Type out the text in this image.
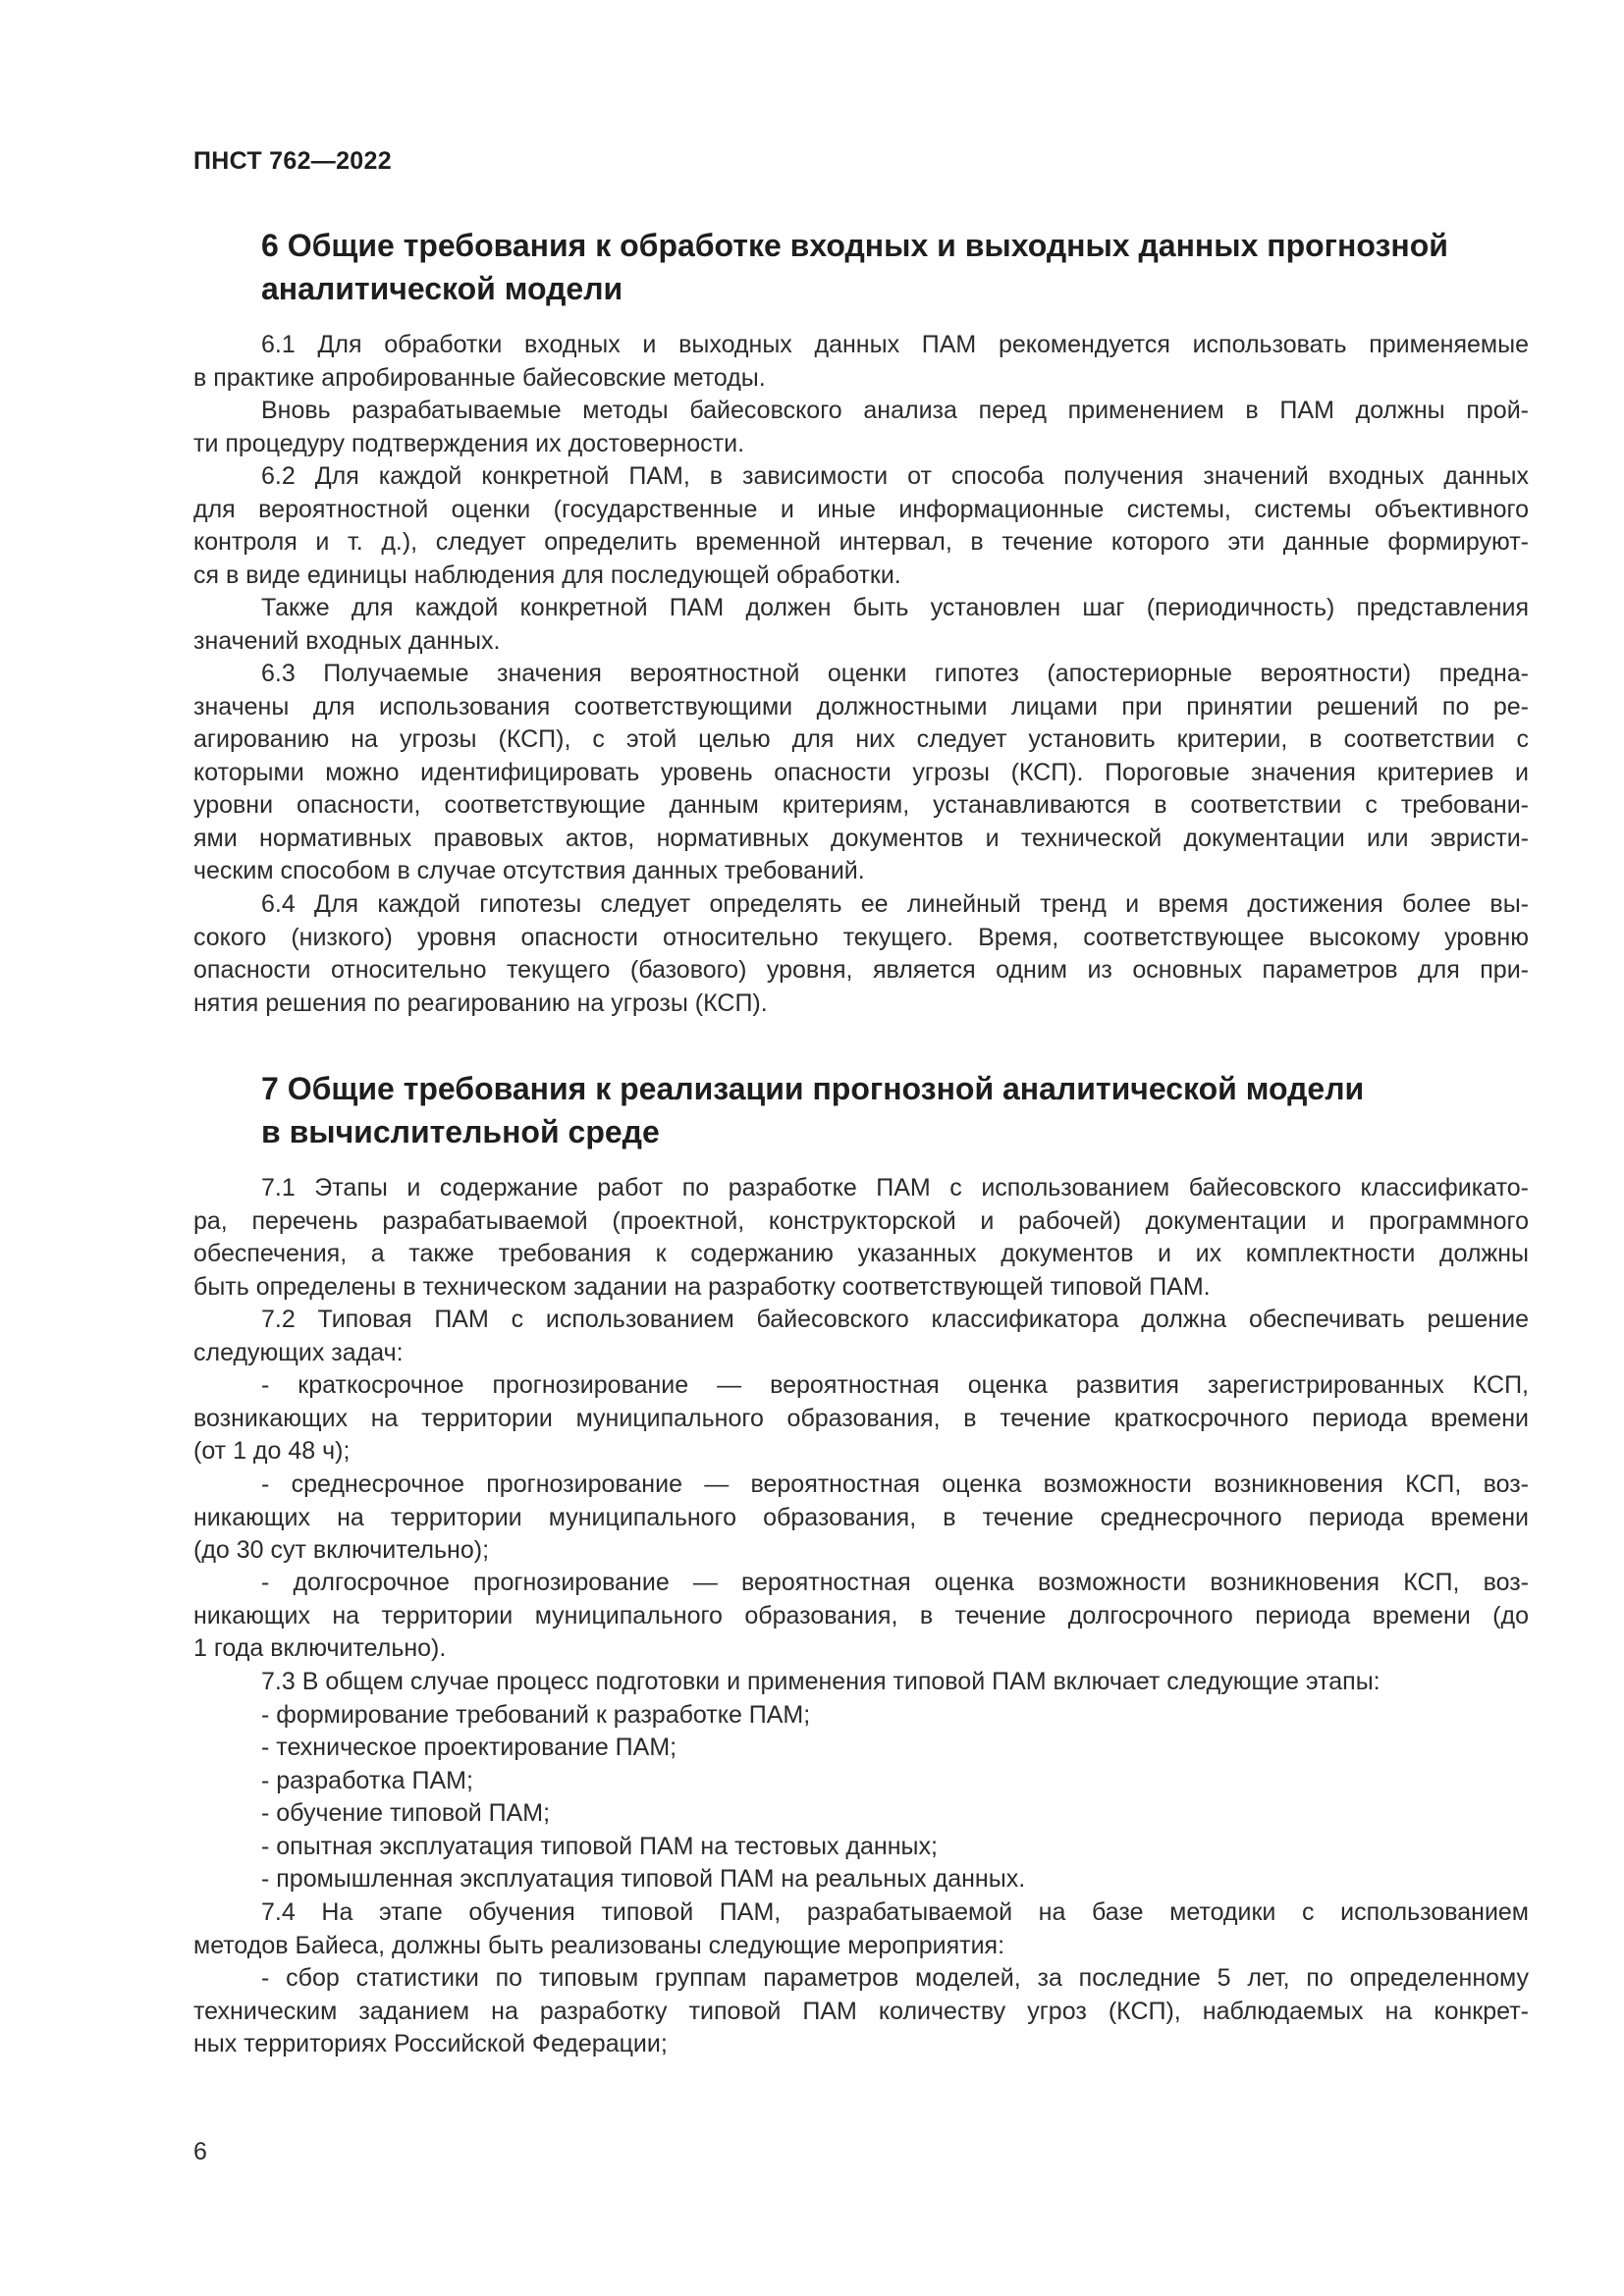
ПНСТ 762—2022
6 Общие требования к обработке входных и выходных данных прогнозной
аналитической модели
6.1 Для обработки входных и выходных данных ПАМ рекомендуется использовать применяемые
в практике апробированные байесовские методы.
Вновь разрабатываемые методы байесовского анализа перед применением в ПАМ должны прой-
ти процедуру подтверждения их достоверности.
6.2 Для каждой конкретной ПАМ, в зависимости от способа получения значений входных данных
для вероятностной оценки (государственные и иные информационные системы, системы объективного
контроля и т. д.), следует определить временной интервал, в течение которого эти данные формируют-
ся в виде единицы наблюдения для последующей обработки.
Также для каждой конкретной ПАМ должен быть установлен шаг (периодичность) представления
значений входных данных.
6.3 Получаемые значения вероятностной оценки гипотез (апостериорные вероятности) предна-
значены для использования соответствующими должностными лицами при принятии решений по ре-
агированию на угрозы (КСП), с этой целью для них следует установить критерии, в соответствии с
которыми можно идентифицировать уровень опасности угрозы (КСП). Пороговые значения критериев и
уровни опасности, соответствующие данным критериям, устанавливаются в соответствии с требовани-
ями нормативных правовых актов, нормативных документов и технической документации или эвристи-
ческим способом в случае отсутствия данных требований.
6.4 Для каждой гипотезы следует определять ее линейный тренд и время достижения более вы-
сокого (низкого) уровня опасности относительно текущего. Время, соответствующее высокому уровню
опасности относительно текущего (базового) уровня, является одним из основных параметров для при-
нятия решения по реагированию на угрозы (КСП).
7 Общие требования к реализации прогнозной аналитической модели
в вычислительной среде
7.1 Этапы и содержание работ по разработке ПАМ с использованием байесовского классификато-
ра, перечень разрабатываемой (проектной, конструкторской и рабочей) документации и программного
обеспечения, а также требования к содержанию указанных документов и их комплектности должны
быть определены в техническом задании на разработку соответствующей типовой ПАМ.
7.2 Типовая ПАМ с использованием байесовского классификатора должна обеспечивать решение
следующих задач:
- краткосрочное прогнозирование — вероятностная оценка развития зарегистрированных КСП,
возникающих на территории муниципального образования, в течение краткосрочного периода времени
(от 1 до 48 ч);
- среднесрочное прогнозирование — вероятностная оценка возможности возникновения КСП, воз-
никающих на территории муниципального образования, в течение среднесрочного периода времени
(до 30 сут включительно);
- долгосрочное прогнозирование — вероятностная оценка возможности возникновения КСП, воз-
никающих на территории муниципального образования, в течение долгосрочного периода времени (до
1 года включительно).
7.3 В общем случае процесс подготовки и применения типовой ПАМ включает следующие этапы:
- формирование требований к разработке ПАМ;
- техническое проектирование ПАМ;
- разработка ПАМ;
- обучение типовой ПАМ;
- опытная эксплуатация типовой ПАМ на тестовых данных;
- промышленная эксплуатация типовой ПАМ на реальных данных.
7.4 На этапе обучения типовой ПАМ, разрабатываемой на базе методики с использованием
методов Байеса, должны быть реализованы следующие мероприятия:
- сбор статистики по типовым группам параметров моделей, за последние 5 лет, по определенному
техническим заданием на разработку типовой ПАМ количеству угроз (КСП), наблюдаемых на конкрет-
ных территориях Российской Федерации;
6
